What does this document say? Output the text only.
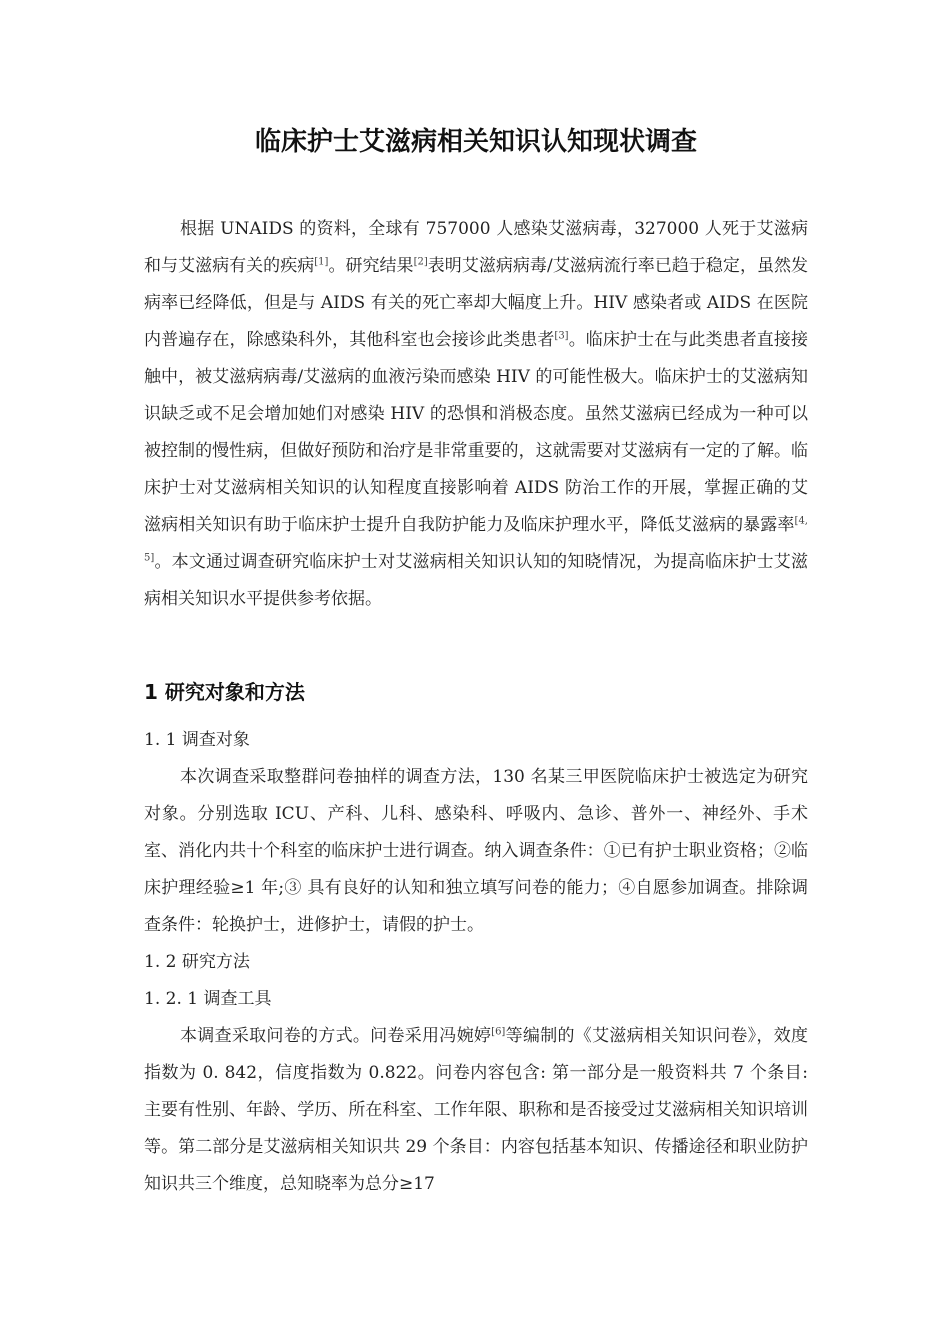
临床护士艾滋病相关知识认知现状调查

根据 UNAIDS 的资料，全球有 757000 人感染艾滋病毒，327000 人死于艾滋病和与艾滋病有关的疾病[1]。研究结果[2]表明艾滋病病毒/艾滋病流行率已趋于稳定，虽然发病率已经降低，但是与 AIDS 有关的死亡率却大幅度上升。HIV 感染者或 AIDS 在医院内普遍存在，除感染科外，其他科室也会接诊此类患者[3]。临床护士在与此类患者直接接触中，被艾滋病病毒/艾滋病的血液污染而感染 HIV 的可能性极大。临床护士的艾滋病知识缺乏或不足会增加她们对感染 HIV 的恐惧和消极态度。虽然艾滋病已经成为一种可以被控制的慢性病，但做好预防和治疗是非常重要的，这就需要对艾滋病有一定的了解。临床护士对艾滋病相关知识的认知程度直接影响着 AIDS 防治工作的开展，掌握正确的艾滋病相关知识有助于临床护士提升自我防护能力及临床护理水平，降低艾滋病的暴露率[4, 5]。本文通过调查研究临床护士对艾滋病相关知识认知的知晓情况，为提高临床护士艾滋病相关知识水平提供参考依据。

1 研究对象和方法

1. 1 调查对象

本次调查采取整群问卷抽样的调查方法，130 名某三甲医院临床护士被选定为研究对象。分别选取 ICU、产科、儿科、感染科、呼吸内、急诊、普外一、神经外、手术室、消化内共十个科室的临床护士进行调查。纳入调查条件：①已有护士职业资格；②临床护理经验≥1 年;③ 具有良好的认知和独立填写问卷的能力；④自愿参加调查。排除调查条件：轮换护士，进修护士，请假的护士。

1. 2 研究方法

1. 2. 1 调查工具

本调查采取问卷的方式。问卷采用冯婉婷[6]等编制的《艾滋病相关知识问卷》，效度指数为 0. 842，信度指数为 0.822。问卷内容包含: 第一部分是一般资料共 7 个条目: 主要有性别、年龄、学历、所在科室、工作年限、职称和是否接受过艾滋病相关知识培训等。第二部分是艾滋病相关知识共 29 个条目：内容包括基本知识、传播途径和职业防护知识共三个维度，总知晓率为总分≥17
